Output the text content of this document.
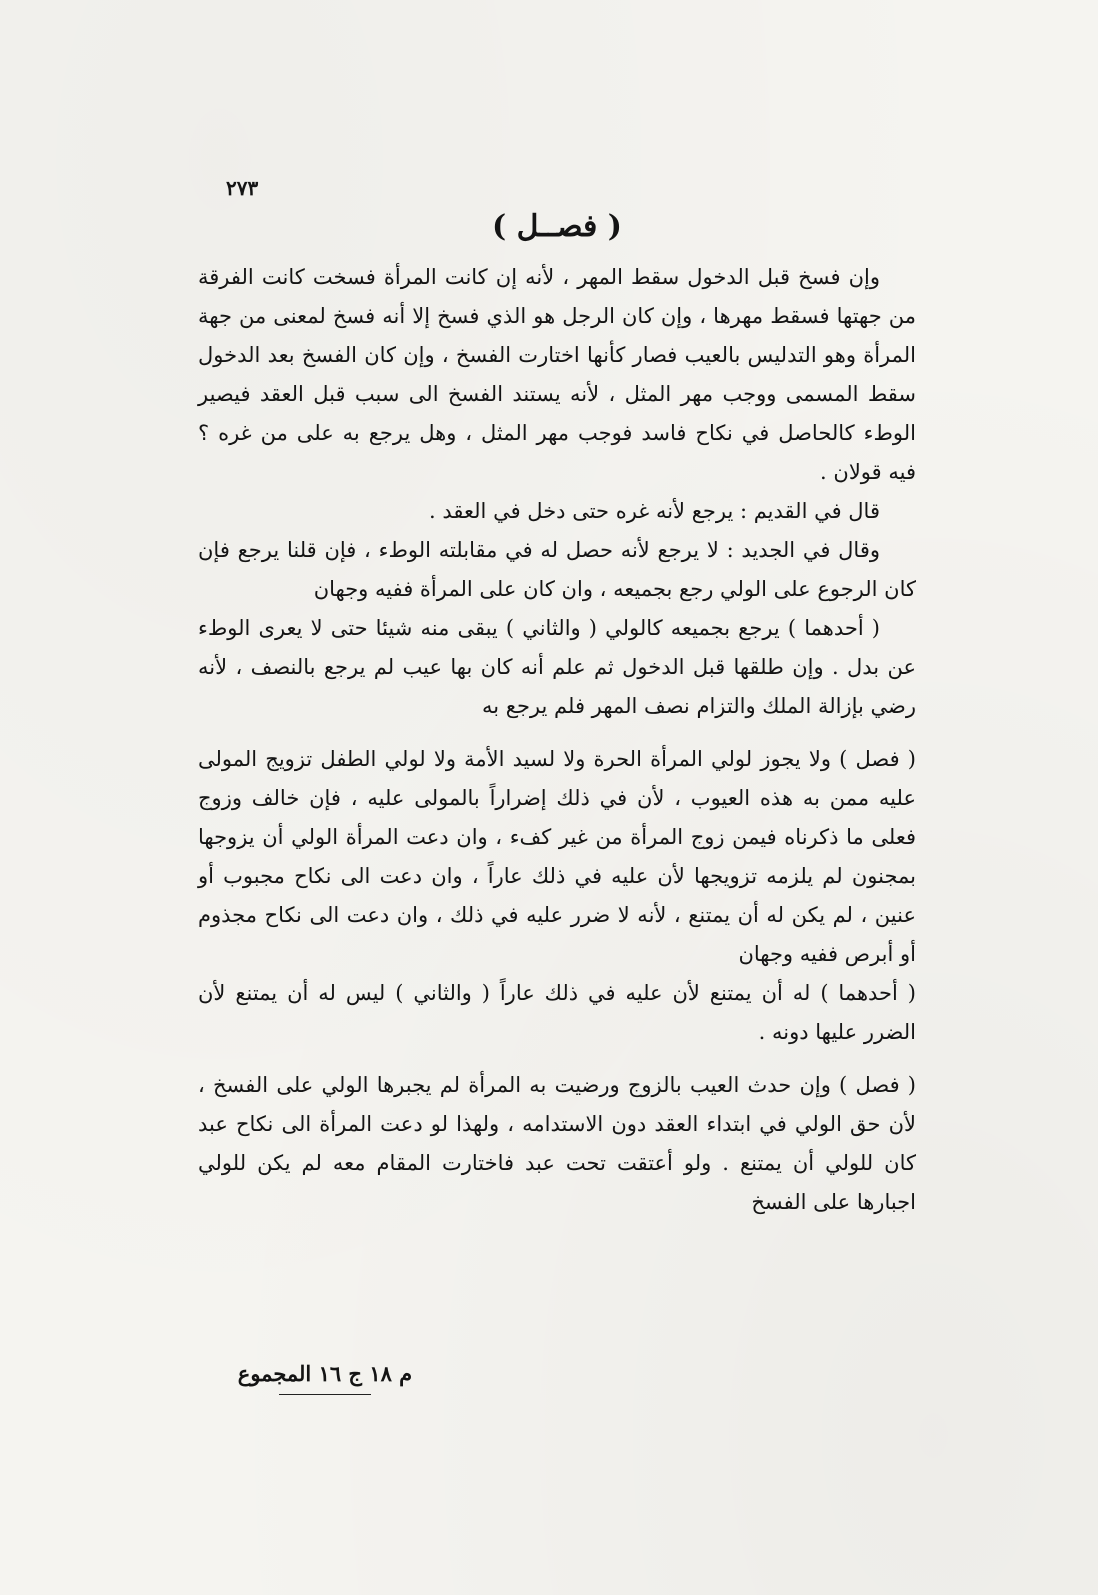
٢٧٣
( فصــل )

وإن فسخ قبل الدخول سقط المهر ، لأنه إن كانت المرأة فسخت كانت الفرقة من جهتها فسقط مهرها ، وإن كان الرجل هو الذي فسخ إلا أنه فسخ لمعنى من جهة المرأة وهو التدليس بالعيب فصار كأنها اختارت الفسخ ، وإن كان الفسخ بعد الدخول سقط المسمى ووجب مهر المثل ، لأنه يستند الفسخ الى سبب قبل العقد فيصير الوطء كالحاصل في نكاح فاسد فوجب مهر المثل ، وهل يرجع به على من غره ؟ فيه قولان .

قال في القديم : يرجع لأنه غره حتى دخل في العقد .

وقال في الجديد : لا يرجع لأنه حصل له في مقابلته الوطء ، فإن قلنا يرجع فإن كان الرجوع على الولي رجع بجميعه ، وان كان على المرأة ففيه وجهان

( أحدهما ) يرجع بجميعه كالولي ( والثاني ) يبقى منه شيئا حتى لا يعرى الوطء عن بدل . وإن طلقها قبل الدخول ثم علم أنه كان بها عيب لم يرجع بالنصف ، لأنه رضي بإزالة الملك والتزام نصف المهر فلم يرجع به

( فصل ) ولا يجوز لولي المرأة الحرة ولا لسيد الأمة ولا لولي الطفل تزويج المولى عليه ممن به هذه العيوب ، لأن في ذلك إضراراً بالمولى عليه ، فإن خالف وزوج فعلى ما ذكرناه فيمن زوج المرأة من غير كفء ، وان دعت المرأة الولي أن يزوجها بمجنون لم يلزمه تزويجها لأن عليه في ذلك عاراً ، وان دعت الى نكاح مجبوب أو عنين ، لم يكن له أن يمتنع ، لأنه لا ضرر عليه في ذلك ، وان دعت الى نكاح مجذوم أو أبرص ففيه وجهان

( أحدهما ) له أن يمتنع لأن عليه في ذلك عاراً ( والثاني ) ليس له أن يمتنع لأن الضرر عليها دونه .

( فصل ) وإن حدث العيب بالزوج ورضيت به المرأة لم يجبرها الولي على الفسخ ، لأن حق الولي في ابتداء العقد دون الاستدامه ، ولهذا لو دعت المرأة الى نكاح عبد كان للولي أن يمتنع . ولو أعتقت تحت عبد فاختارت المقام معه لم يكن للولي اجبارها على الفسخ

م ١٨ ج ١٦ المجموع
